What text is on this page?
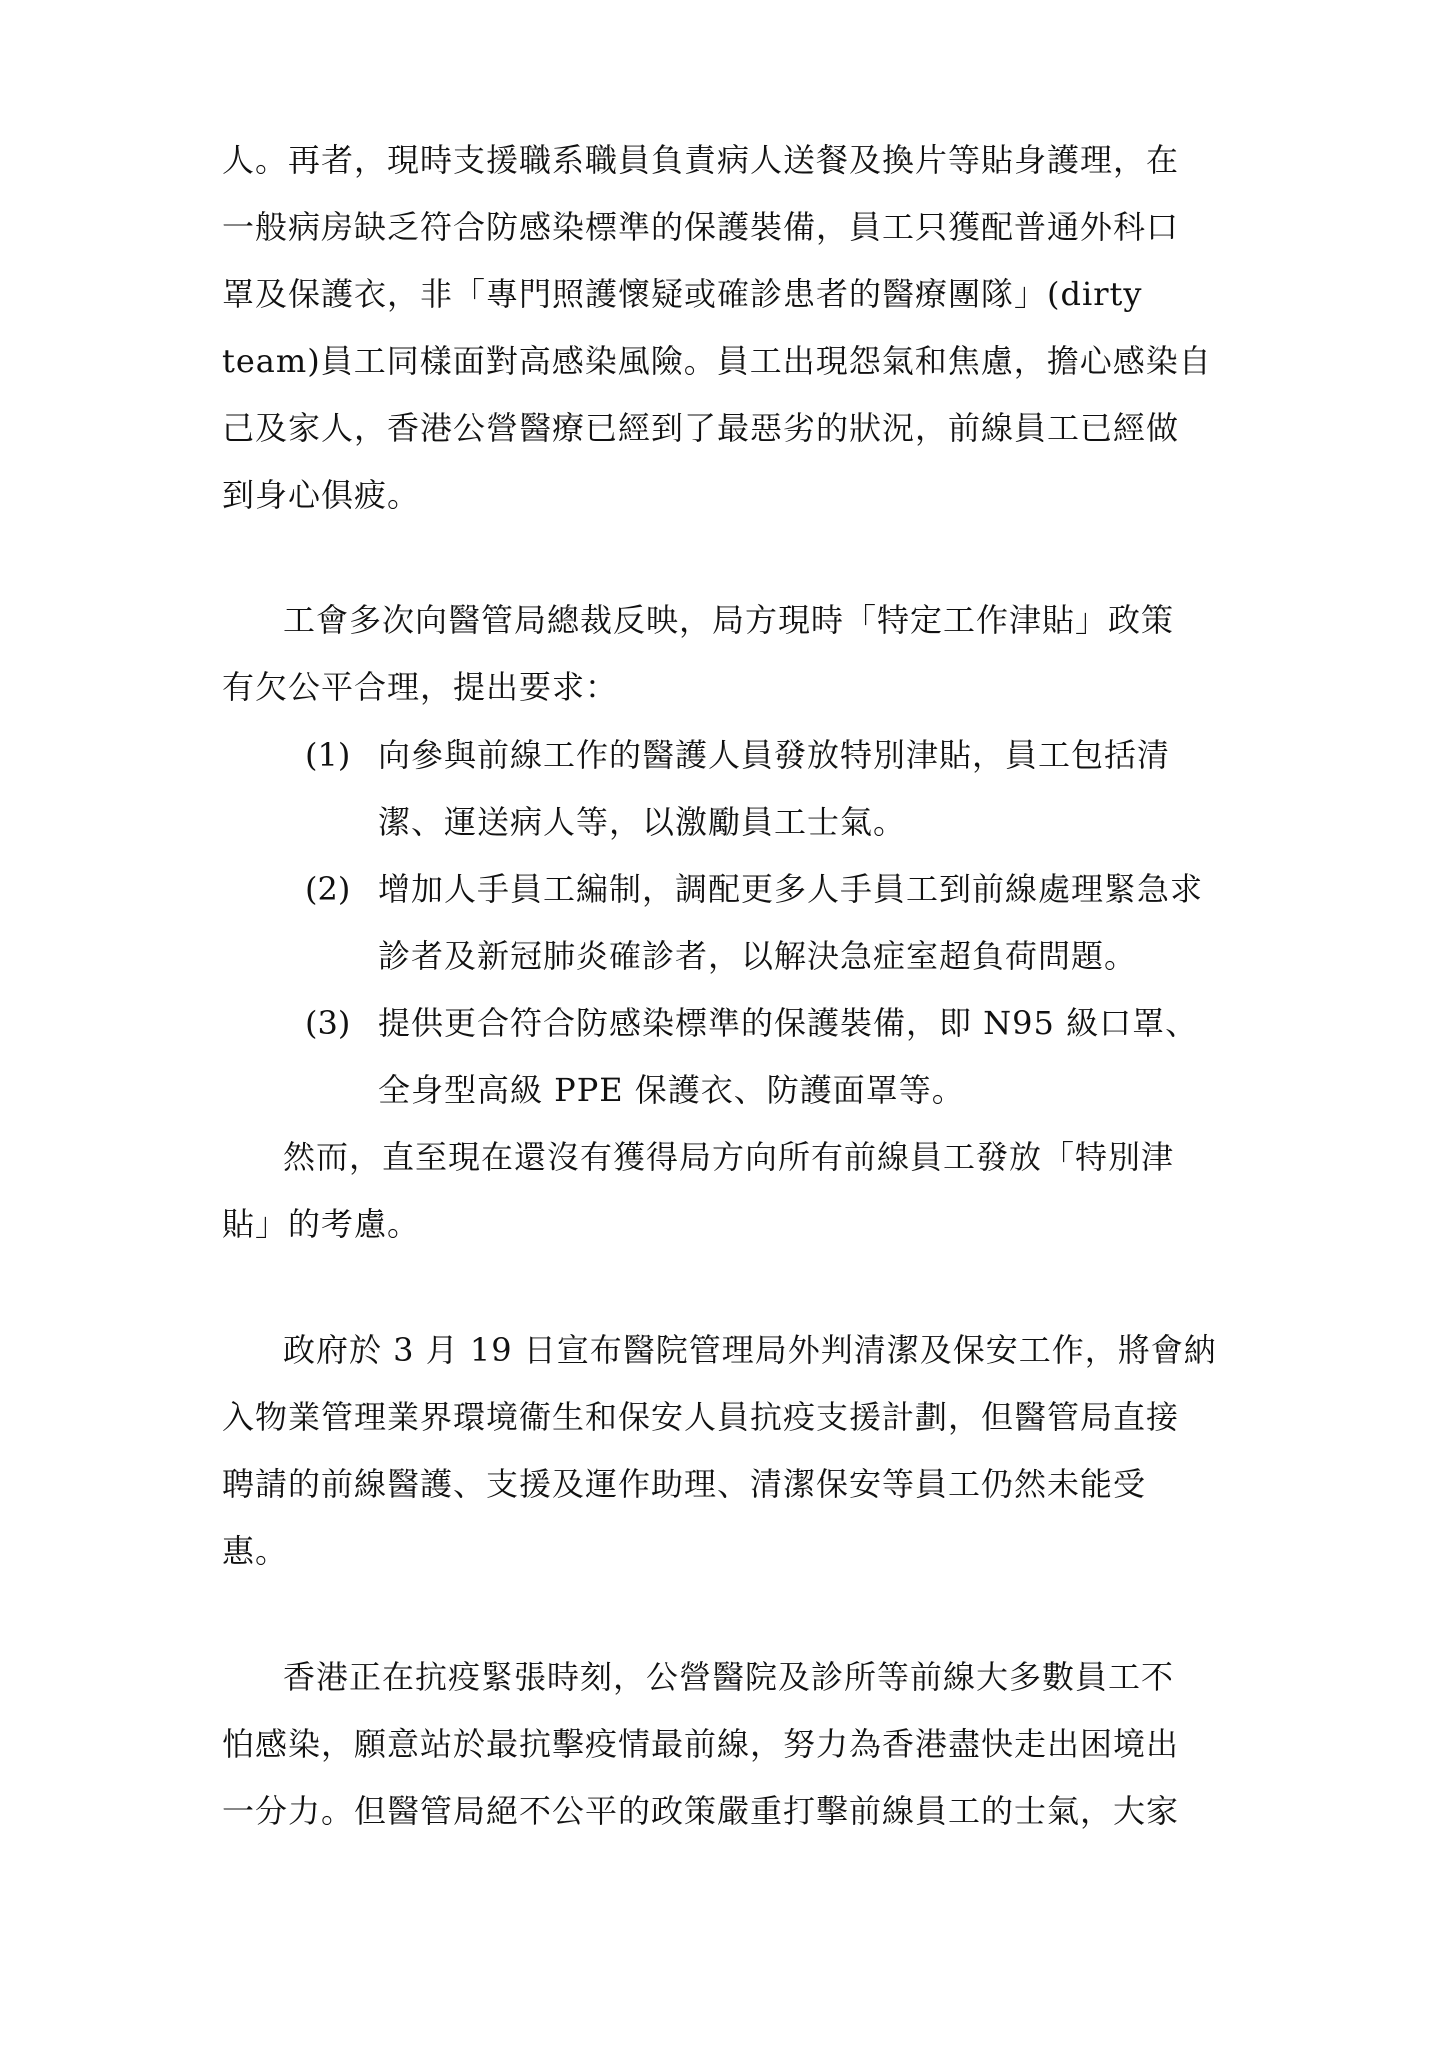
人。再者，現時支援職系職員負責病人送餐及換片等貼身護理，在
一般病房缺乏符合防感染標準的保護裝備，員工只獲配普通外科口
罩及保護衣，非「專門照護懷疑或確診患者的醫療團隊」(dirty
team)員工同樣面對高感染風險。員工出現怨氣和焦慮，擔心感染自
己及家人，香港公營醫療已經到了最惡劣的狀況，前線員工已經做
到身心俱疲。
工會多次向醫管局總裁反映，局方現時「特定工作津貼」政策
有欠公平合理，提出要求：
(1) 向參與前線工作的醫護人員發放特別津貼，員工包括清
潔、運送病人等，以激勵員工士氣。
(2) 增加人手員工編制，調配更多人手員工到前線處理緊急求
診者及新冠肺炎確診者，以解決急症室超負荷問題。
(3) 提供更合符合防感染標準的保護裝備，即 N95 級口罩、
全身型高級 PPE 保護衣、防護面罩等。
然而，直至現在還沒有獲得局方向所有前線員工發放「特別津
貼」的考慮。
政府於 3 月 19 日宣布醫院管理局外判清潔及保安工作，將會納
入物業管理業界環境衞生和保安人員抗疫支援計劃，但醫管局直接
聘請的前線醫護、支援及運作助理、清潔保安等員工仍然未能受
惠。
香港正在抗疫緊張時刻，公營醫院及診所等前線大多數員工不
怕感染，願意站於最抗擊疫情最前線，努力為香港盡快走出困境出
一分力。但醫管局絕不公平的政策嚴重打擊前線員工的士氣，大家
